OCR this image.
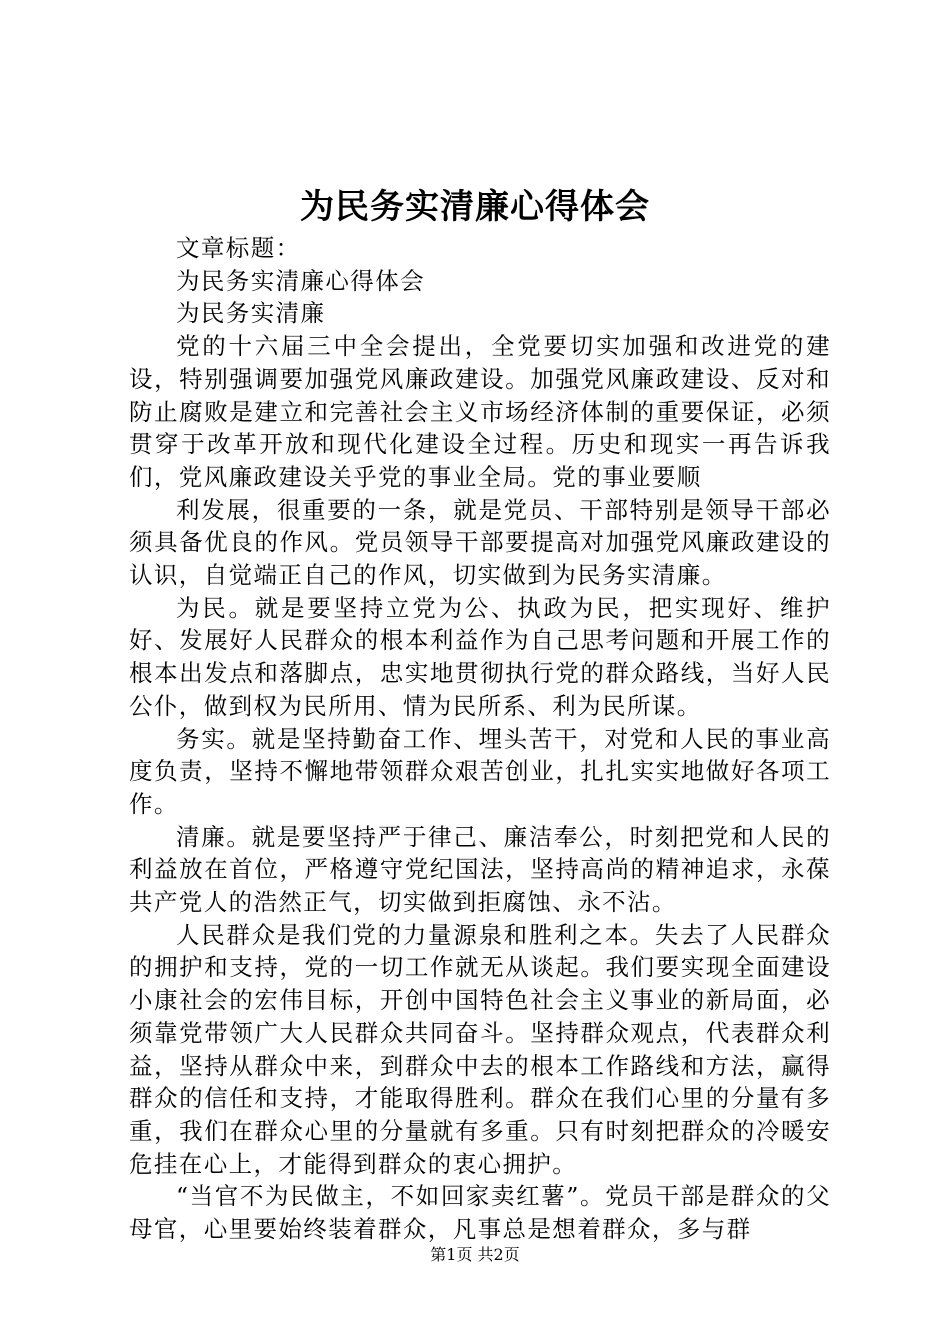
为民务实清廉心得体会

文章标题：

为民务实清廉心得体会

为民务实清廉

党的十六届三中全会提出，全党要切实加强和改进党的建设，特别强调要加强党风廉政建设。加强党风廉政建设、反对和防止腐败是建立和完善社会主义市场经济体制的重要保证，必须贯穿于改革开放和现代化建设全过程。历史和现实一再告诉我们，党风廉政建设关乎党的事业全局。党的事业要顺

利发展，很重要的一条，就是党员、干部特别是领导干部必须具备优良的作风。党员领导干部要提高对加强党风廉政建设的认识，自觉端正自己的作风，切实做到为民务实清廉。

为民。就是要坚持立党为公、执政为民，把实现好、维护好、发展好人民群众的根本利益作为自己思考问题和开展工作的根本出发点和落脚点，忠实地贯彻执行党的群众路线，当好人民公仆，做到权为民所用、情为民所系、利为民所谋。

务实。就是坚持勤奋工作、埋头苦干，对党和人民的事业高度负责，坚持不懈地带领群众艰苦创业，扎扎实实地做好各项工作。

清廉。就是要坚持严于律己、廉洁奉公，时刻把党和人民的利益放在首位，严格遵守党纪国法，坚持高尚的精神追求，永葆共产党人的浩然正气，切实做到拒腐蚀、永不沾。

人民群众是我们党的力量源泉和胜利之本。失去了人民群众的拥护和支持，党的一切工作就无从谈起。我们要实现全面建设小康社会的宏伟目标，开创中国特色社会主义事业的新局面，必须靠党带领广大人民群众共同奋斗。坚持群众观点，代表群众利益，坚持从群众中来，到群众中去的根本工作路线和方法，赢得群众的信任和支持，才能取得胜利。群众在我们心里的分量有多重，我们在群众心里的分量就有多重。只有时刻把群众的冷暖安危挂在心上，才能得到群众的衷心拥护。

“当官不为民做主，不如回家卖红薯”。党员干部是群众的父母官，心里要始终装着群众，凡事总是想着群众，多与群

第1页 共2页
